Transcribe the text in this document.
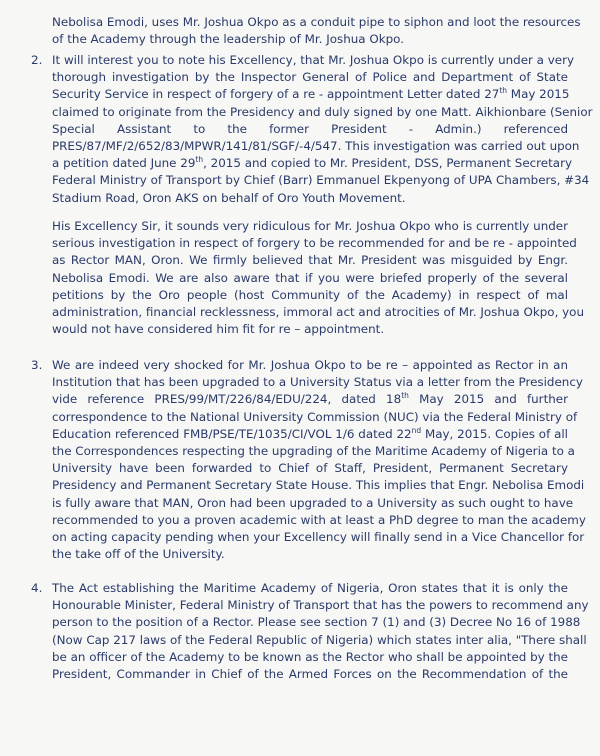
Nebolisa Emodi, uses Mr. Joshua Okpo as a conduit pipe to siphon and loot the resources
of the Academy through the leadership of Mr. Joshua Okpo.
2. It will interest you to note his Excellency, that Mr. Joshua Okpo is currently under a very
thorough investigation by the Inspector General of Police and Department of State
Security Service in respect of forgery of a re - appointment Letter dated 27th May 2015
claimed to originate from the Presidency and duly signed by one Matt. Aikhionbare (Senior
Special Assistant to the former President - Admin.) referenced
PRES/87/MF/2/652/83/MPWR/141/81/SGF/-4/547. This investigation was carried out upon
a petition dated June 29th, 2015 and copied to Mr. President, DSS, Permanent Secretary
Federal Ministry of Transport by Chief (Barr) Emmanuel Ekpenyong of UPA Chambers, #34
Stadium Road, Oron AKS on behalf of Oro Youth Movement.
His Excellency Sir, it sounds very ridiculous for Mr. Joshua Okpo who is currently under
serious investigation in respect of forgery to be recommended for and be re - appointed
as Rector MAN, Oron. We firmly believed that Mr. President was misguided by Engr.
Nebolisa Emodi. We are also aware that if you were briefed properly of the several
petitions by the Oro people (host Community of the Academy) in respect of mal
administration, financial recklessness, immoral act and atrocities of Mr. Joshua Okpo, you
would not have considered him fit for re – appointment.
3. We are indeed very shocked for Mr. Joshua Okpo to be re – appointed as Rector in an
Institution that has been upgraded to a University Status via a letter from the Presidency
vide reference PRES/99/MT/226/84/EDU/224, dated 18th May 2015 and further
correspondence to the National University Commission (NUC) via the Federal Ministry of
Education referenced FMB/PSE/TE/1035/CI/VOL 1/6 dated 22nd May, 2015. Copies of all
the Correspondences respecting the upgrading of the Maritime Academy of Nigeria to a
University have been forwarded to Chief of Staff, President, Permanent Secretary
Presidency and Permanent Secretary State House. This implies that Engr. Nebolisa Emodi
is fully aware that MAN, Oron had been upgraded to a University as such ought to have
recommended to you a proven academic with at least a PhD degree to man the academy
on acting capacity pending when your Excellency will finally send in a Vice Chancellor for
the take off of the University.
4. The Act establishing the Maritime Academy of Nigeria, Oron states that it is only the
Honourable Minister, Federal Ministry of Transport that has the powers to recommend any
person to the position of a Rector. Please see section 7 (1) and (3) Decree No 16 of 1988
(Now Cap 217 laws of the Federal Republic of Nigeria) which states inter alia, "There shall
be an officer of the Academy to be known as the Rector who shall be appointed by the
President, Commander in Chief of the Armed Forces on the Recommendation of the
